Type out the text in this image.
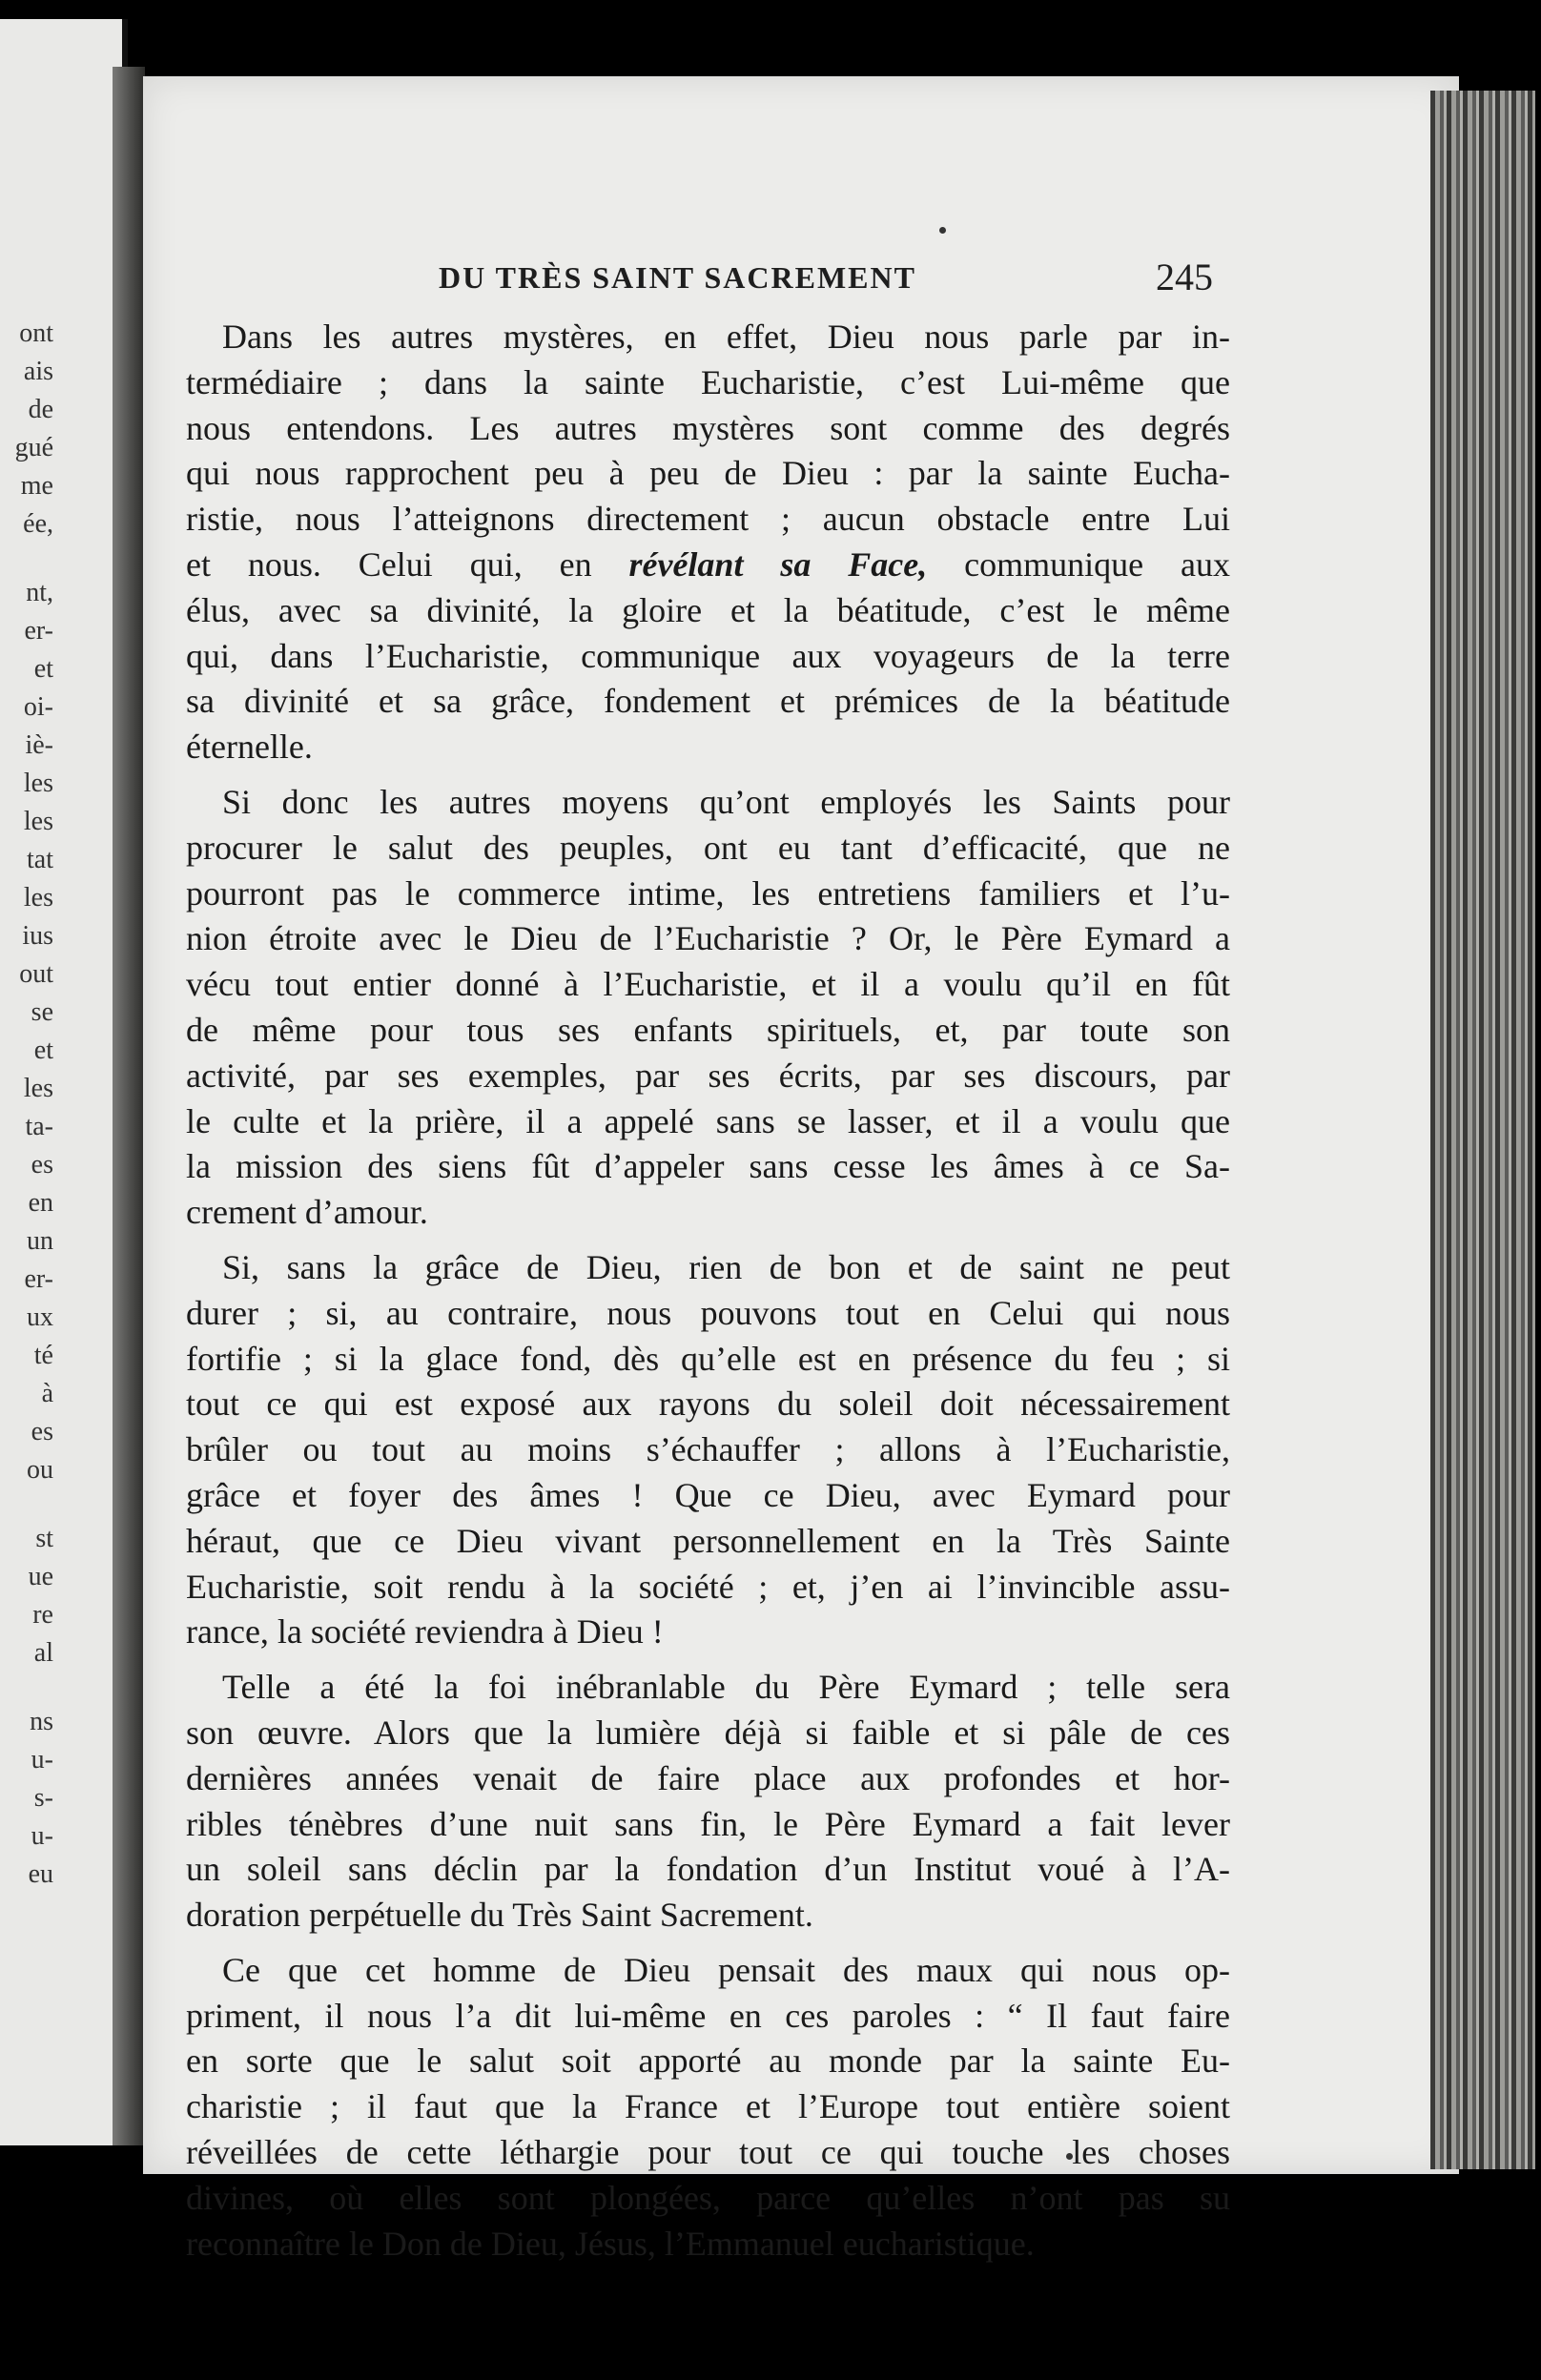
ont
ais
de
gué
me
ée,

nt,
er-
et
oi-
iè-
les
les
tat
les
ius
out
se
et
les
ta-
es
en
un
er-
ux
té
à
es
ou

st
ue
re
al

ns
u-
s-
u-
eu
DU TRÈS SAINT SACREMENT	245
Dans les autres mystères, en effet, Dieu nous parle par in-
termédiaire ; dans la sainte Eucharistie, c’est Lui-même que
nous entendons. Les autres mystères sont comme des degrés
qui nous rapprochent peu à peu de Dieu : par la sainte Eucha-
ristie, nous l’atteignons directement ; aucun obstacle entre Lui
et nous. Celui qui, en révélant sa Face, communique aux
élus, avec sa divinité, la gloire et la béatitude, c’est le même
qui, dans l’Eucharistie, communique aux voyageurs de la terre
sa divinité et sa grâce, fondement et prémices de la béatitude
éternelle.
Si donc les autres moyens qu’ont employés les Saints pour
procurer le salut des peuples, ont eu tant d’efficacité, que ne
pourront pas le commerce intime, les entretiens familiers et l’u-
nion étroite avec le Dieu de l’Eucharistie ? Or, le Père Eymard a
vécu tout entier donné à l’Eucharistie, et il a voulu qu’il en fût
de même pour tous ses enfants spirituels, et, par toute son
activité, par ses exemples, par ses écrits, par ses discours, par
le culte et la prière, il a appelé sans se lasser, et il a voulu que
la mission des siens fût d’appeler sans cesse les âmes à ce Sa-
crement d’amour.
Si, sans la grâce de Dieu, rien de bon et de saint ne peut
durer ; si, au contraire, nous pouvons tout en Celui qui nous
fortifie ; si la glace fond, dès qu’elle est en présence du feu ; si
tout ce qui est exposé aux rayons du soleil doit nécessairement
brûler ou tout au moins s’échauffer ; allons à l’Eucharistie,
grâce et foyer des âmes ! Que ce Dieu, avec Eymard pour
héraut, que ce Dieu vivant personnellement en la Très Sainte
Eucharistie, soit rendu à la société ; et, j’en ai l’invincible assu-
rance, la société reviendra à Dieu !
Telle a été la foi inébranlable du Père Eymard ; telle sera
son œuvre. Alors que la lumière déjà si faible et si pâle de ces
dernières années venait de faire place aux profondes et hor-
ribles ténèbres d’une nuit sans fin, le Père Eymard a fait lever
un soleil sans déclin par la fondation d’un Institut voué à l’A-
doration perpétuelle du Très Saint Sacrement.
Ce que cet homme de Dieu pensait des maux qui nous op-
priment, il nous l’a dit lui-même en ces paroles : “ Il faut faire
en sorte que le salut soit apporté au monde par la sainte Eu-
charistie ; il faut que la France et l’Europe tout entière soient
réveillées de cette léthargie pour tout ce qui touche les choses
divines, où elles sont plongées, parce qu’elles n’ont pas su
reconnaître le Don de Dieu, Jésus, l’Emmanuel eucharistique.
